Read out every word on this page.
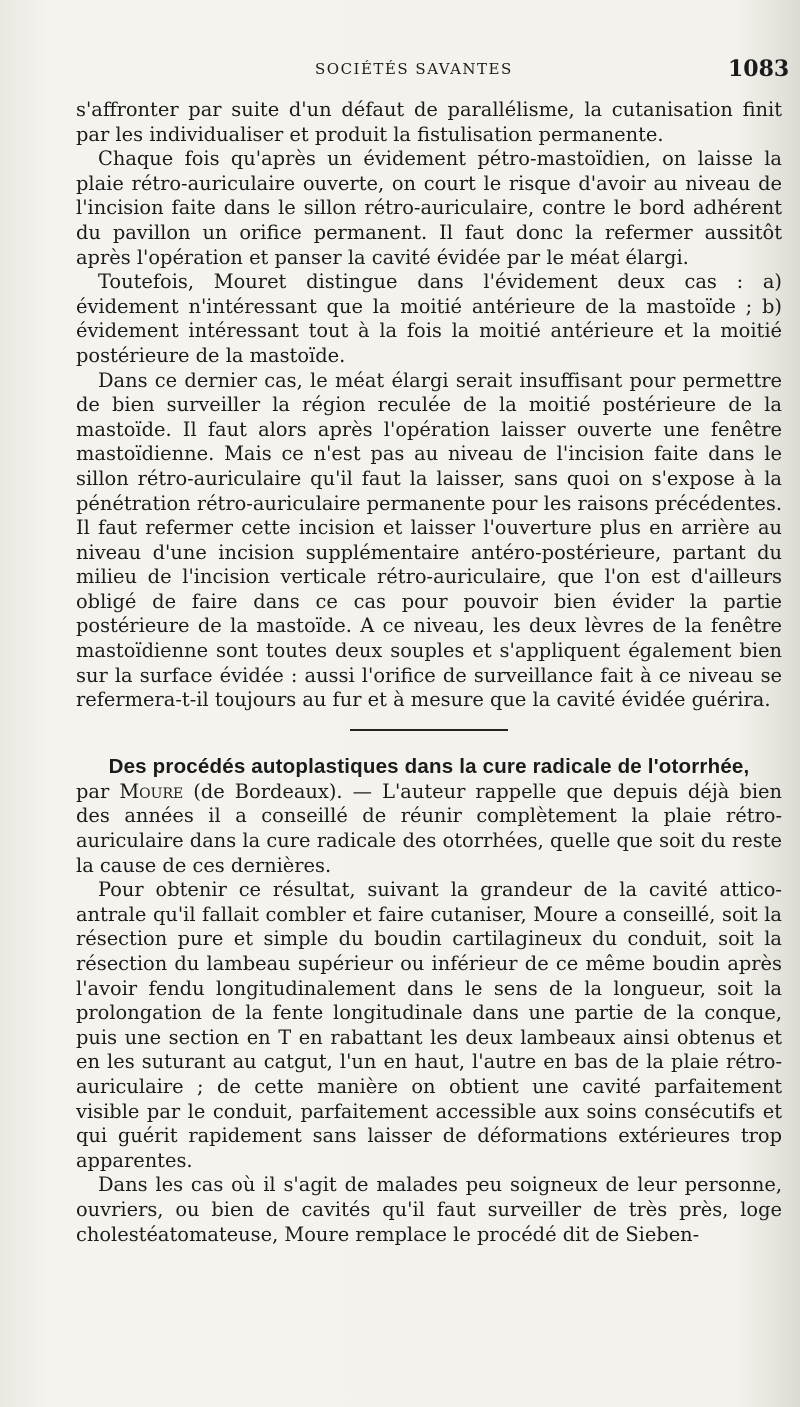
SOCIÉTÉS SAVANTES	1083

s'affronter par suite d'un défaut de parallélisme, la cutanisation finit par les individualiser et produit la fistulisation permanente.

Chaque fois qu'après un évidement pétro-mastoïdien, on laisse la plaie rétro-auriculaire ouverte, on court le risque d'avoir au niveau de l'incision faite dans le sillon rétro-auriculaire, contre le bord adhérent du pavillon un orifice permanent. Il faut donc la refermer aussitôt après l'opération et panser la cavité évidée par le méat élargi.

Toutefois, Mouret distingue dans l'évidement deux cas : a) évidement n'intéressant que la moitié antérieure de la mastoïde ; b) évidement intéressant tout à la fois la moitié antérieure et la moitié postérieure de la mastoïde.

Dans ce dernier cas, le méat élargi serait insuffisant pour permettre de bien surveiller la région reculée de la moitié postérieure de la mastoïde. Il faut alors après l'opération laisser ouverte une fenêtre mastoïdienne. Mais ce n'est pas au niveau de l'incision faite dans le sillon rétro-auriculaire qu'il faut la laisser, sans quoi on s'expose à la pénétration rétro-auriculaire permanente pour les raisons précédentes. Il faut refermer cette incision et laisser l'ouverture plus en arrière au niveau d'une incision supplémentaire antéro-postérieure, partant du milieu de l'incision verticale rétro-auriculaire, que l'on est d'ailleurs obligé de faire dans ce cas pour pouvoir bien évider la partie postérieure de la mastoïde. A ce niveau, les deux lèvres de la fenêtre mastoïdienne sont toutes deux souples et s'appliquent également bien sur la surface évidée : aussi l'orifice de surveillance fait à ce niveau se refermera-t-il toujours au fur et à mesure que la cavité évidée guérira.

Des procédés autoplastiques dans la cure radicale de l'otorrhée,

par Moure (de Bordeaux). — L'auteur rappelle que depuis déjà bien des années il a conseillé de réunir complètement la plaie rétro-auriculaire dans la cure radicale des otorrhées, quelle que soit du reste la cause de ces dernières.

Pour obtenir ce résultat, suivant la grandeur de la cavité attico-antrale qu'il fallait combler et faire cutaniser, Moure a conseillé, soit la résection pure et simple du boudin cartilagineux du conduit, soit la résection du lambeau supérieur ou inférieur de ce même boudin après l'avoir fendu longitudinalement dans le sens de la longueur, soit la prolongation de la fente longitudinale dans une partie de la conque, puis une section en T en rabattant les deux lambeaux ainsi obtenus et en les suturant au catgut, l'un en haut, l'autre en bas de la plaie rétro-auriculaire ; de cette manière on obtient une cavité parfaitement visible par le conduit, parfaitement accessible aux soins consécutifs et qui guérit rapidement sans laisser de déformations extérieures trop apparentes.

Dans les cas où il s'agit de malades peu soigneux de leur personne, ouvriers, ou bien de cavités qu'il faut surveiller de très près, loge cholestéatomateuse, Moure remplace le procédé dit de Sieben-
